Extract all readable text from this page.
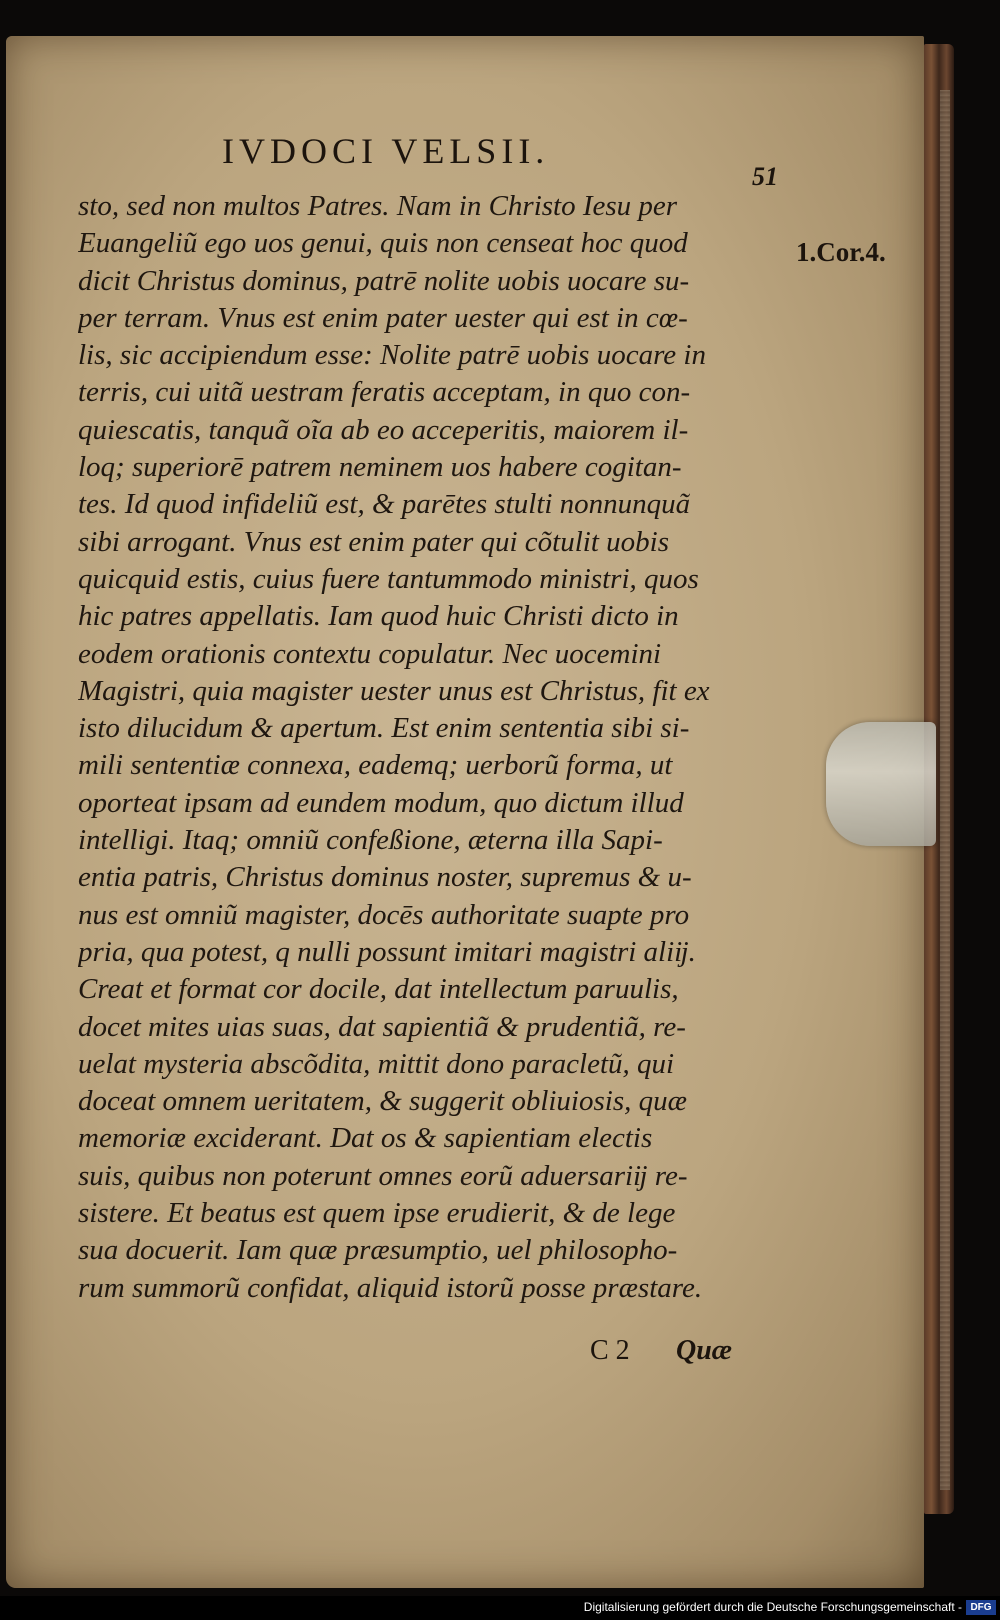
IVDOCI VELSII.
51
1.Cor.4.
sto, sed non multos Patres. Nam in Christo Iesu per
Euangeliũ ego uos genui, quis non censeat hoc quod
dicit Christus dominus, patrē nolite uobis uocare su-
per terram. Vnus est enim pater uester qui est in cœ-
lis, sic accipiendum esse: Nolite patrē uobis uocare in
terris, cui uitã uestram feratis acceptam, in quo con-
quiescatis, tanquã oĩa ab eo acceperitis, maiorem il-
loq; superiorē patrem neminem uos habere cogitan-
tes. Id quod infideliũ est, & parētes stulti nonnunquã
sibi arrogant. Vnus est enim pater qui cõtulit uobis
quicquid estis, cuius fuere tantummodo ministri, quos
hic patres appellatis. Iam quod huic Christi dicto in
eodem orationis contextu copulatur. Nec uocemini
Magistri, quia magister uester unus est Christus, fit ex
isto dilucidum & apertum. Est enim sententia sibi si-
mili sententiæ connexa, eademq; uerborũ forma, ut
oporteat ipsam ad eundem modum, quo dictum illud
intelligi. Itaq; omniũ confeßione, æterna illa Sapi-
entia patris, Christus dominus noster, supremus & u-
nus est omniũ magister, docēs authoritate suapte pro
pria, qua potest, q nulli possunt imitari magistri aliĳ.
Creat et format cor docile, dat intellectum paruulis,
docet mites uias suas, dat sapientiã & prudentiã, re-
uelat mysteria abscõdita, mittit dono paracletũ, qui
doceat omnem ueritatem, & suggerit obliuiosis, quæ
memoriæ exciderant. Dat os & sapientiam electis
suis, quibus non poterunt omnes eorũ aduersariĳ re-
sistere. Et beatus est quem ipse erudierit, & de lege
sua docuerit. Iam quæ præsumptio, uel philosopho-
rum summorũ confidat, aliquid istorũ posse præstare.
C 2 Quæ
Digitalisierung gefördert durch die Deutsche Forschungsgemeinschaft - DFG
